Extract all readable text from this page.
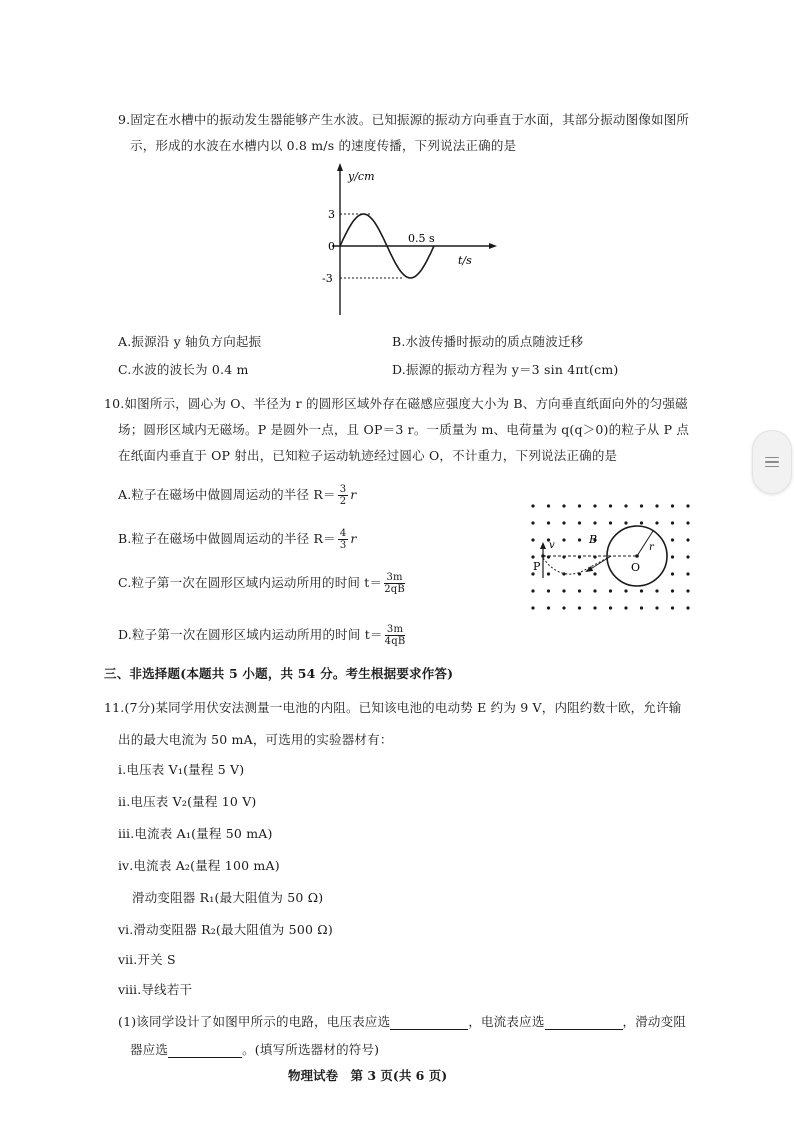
9.固定在水槽中的振动发生器能够产生水波。已知振源的振动方向垂直于水面，其部分振动图像如图所
示，形成的水波在水槽内以 0.8 m/s 的速度传播，下列说法正确的是
y/cm
3
0
-3
0.5 s
t/s
A.振源沿 y 轴负方向起振	B.水波传播时振动的质点随波迁移
C.水波的波长为 0.4 m	D.振源的振动方程为 y＝3 sin 4πt(cm)
10.如图所示，圆心为 O、半径为 r 的圆形区域外存在磁感应强度大小为 B、方向垂直纸面向外的匀强磁
场；圆形区域内无磁场。P 是圆外一点，且 OP＝3 r。一质量为 m、电荷量为 q(q＞0)的粒子从 P 点
在纸面内垂直于 OP 射出，已知粒子运动轨迹经过圆心 O，不计重力，下列说法正确的是
A.粒子在磁场中做圆周运动的半径 $R= \frac{3}{2}$ r
B.粒子在磁场中做圆周运动的半径 $R= \frac{4}{3}$ r
C.粒子第一次在圆形区域内运动所用的时间 $t= \frac{3m}{2qB}$
D.粒子第一次在圆形区域内运动所用的时间 $t= \frac{3m}{4qB}$
B
r
O
P
v
三、非选择题(本题共 5 小题，共 54 分。考生根据要求作答)
11.(7分)某同学用伏安法测量一电池的内阻。已知该电池的电动势 E 约为 9 V，内阻约数十欧，允许输
出的最大电流为 50 mA，可选用的实验器材有：
ⅰ.电压表 V₁(量程 5 V)
ⅱ.电压表 V₂(量程 10 V)
ⅲ.电流表 A₁(量程 50 mA)
ⅳ.电流表 A₂(量程 100 mA)
滑动变阻器 R₁(最大阻值为 50 Ω)
ⅵ.滑动变阻器 R₂(最大阻值为 500 Ω)
ⅶ.开关 S
ⅷ.导线若干
(1)该同学设计了如图甲所示的电路，电压表应选	，电流表应选	，滑动变阻
器应选	。(填写所选器材的符号)
物理试卷　第 3 页(共 6 页)
